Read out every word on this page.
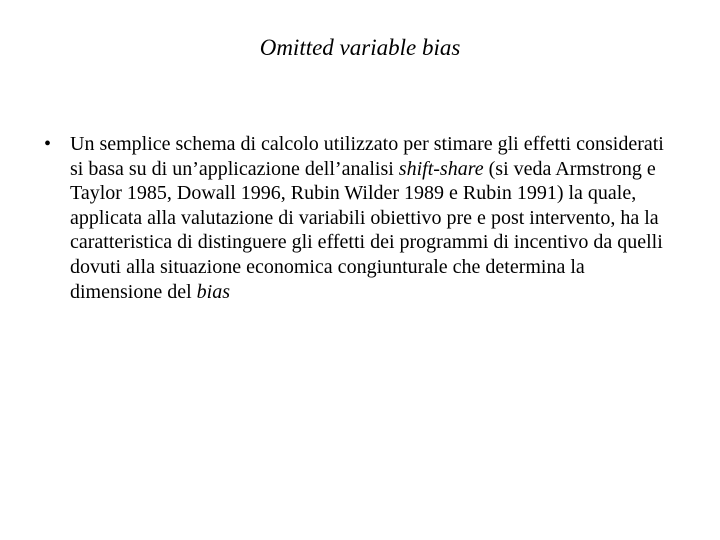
Omitted variable bias
• Un semplice schema di calcolo utilizzato per stimare gli effetti considerati si basa su di un’applicazione dell’analisi shift-share (si veda Armstrong e Taylor 1985, Dowall 1996, Rubin Wilder 1989 e Rubin 1991) la quale, applicata alla valutazione di variabili obiettivo pre e post intervento, ha la caratteristica di distinguere gli effetti dei programmi di incentivo da quelli dovuti alla situazione economica congiunturale che determina la dimensione del bias
